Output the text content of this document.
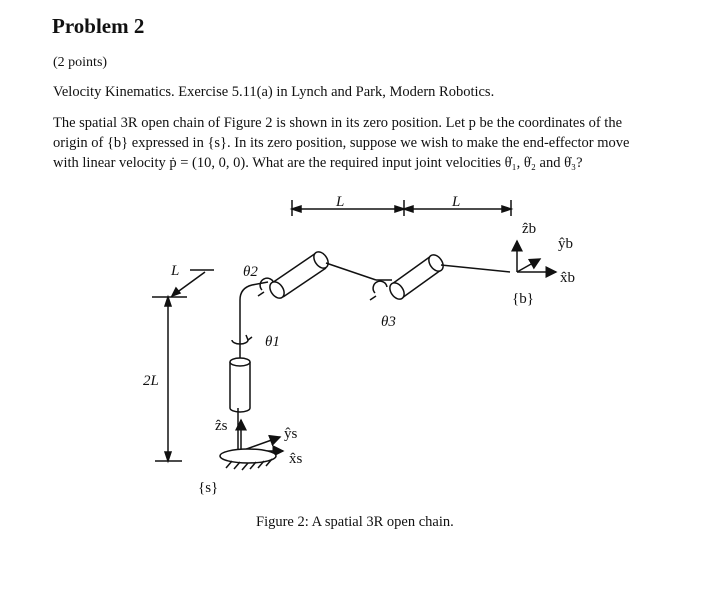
Problem 2
(2 points)
Velocity Kinematics. Exercise 5.11(a) in Lynch and Park, Modern Robotics.
The spatial 3R open chain of Figure 2 is shown in its zero position. Let p be the coordinates of the
origin of {b} expressed in {s}. In its zero position, suppose we wish to make the end-effector move
with linear velocity ṗ = (10, 0, 0). What are the required input joint velocities θ̇₁, θ̇₂ and θ̇₃?
L	L
L
2L
θ2
θ1
θ3
ẑb
ŷb
x̂b
{b}
ẑs	ŷs
x̂s
{s}
Figure 2: A spatial 3R open chain.
